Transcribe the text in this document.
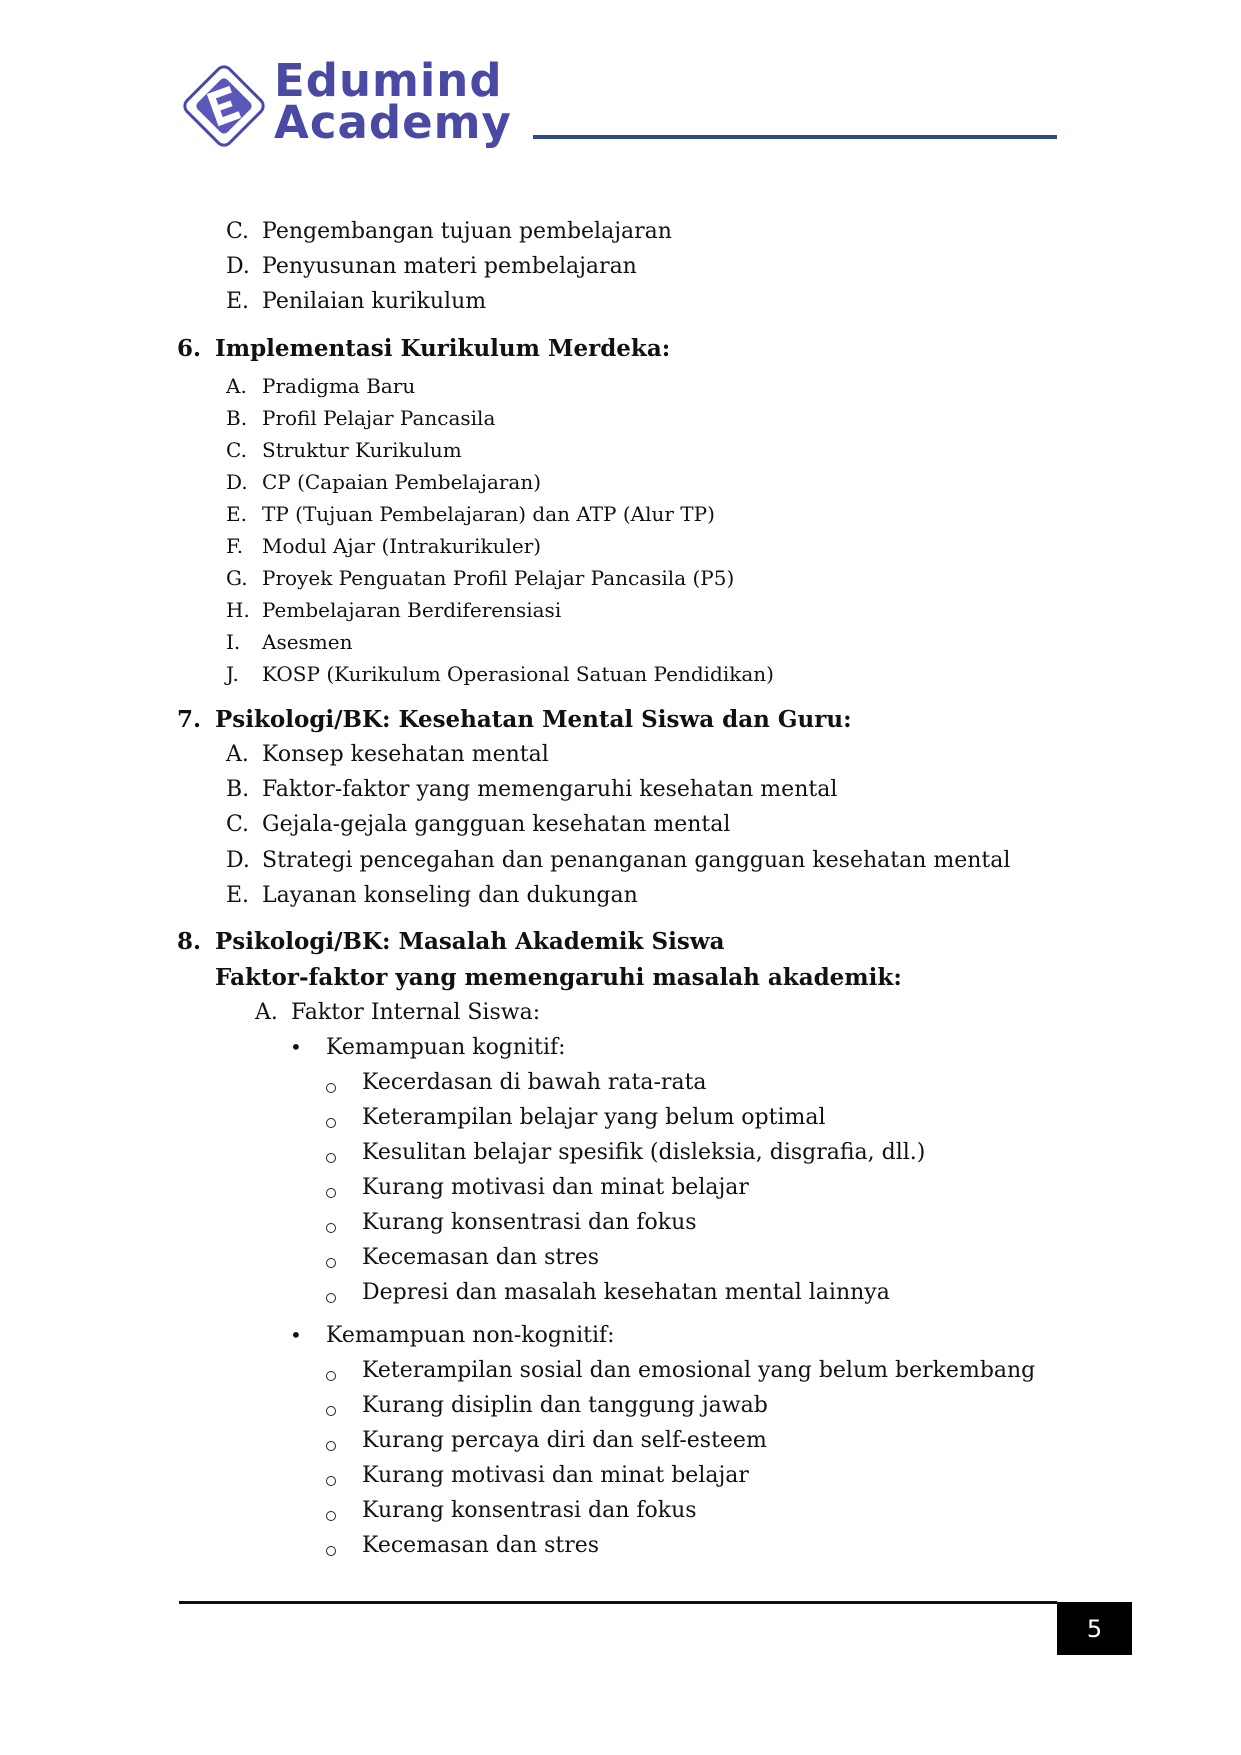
Edumind
Academy
C. Pengembangan tujuan pembelajaran
D. Penyusunan materi pembelajaran
E. Penilaian kurikulum
6. Implementasi Kurikulum Merdeka:
A. Pradigma Baru
B. Profil Pelajar Pancasila
C. Struktur Kurikulum
D. CP (Capaian Pembelajaran)
E. TP (Tujuan Pembelajaran) dan ATP (Alur TP)
F. Modul Ajar (Intrakurikuler)
G. Proyek Penguatan Profil Pelajar Pancasila (P5)
H. Pembelajaran Berdiferensiasi
I. Asesmen
J. KOSP (Kurikulum Operasional Satuan Pendidikan)
7. Psikologi/BK: Kesehatan Mental Siswa dan Guru:
A. Konsep kesehatan mental
B. Faktor-faktor yang memengaruhi kesehatan mental
C. Gejala-gejala gangguan kesehatan mental
D. Strategi pencegahan dan penanganan gangguan kesehatan mental
E. Layanan konseling dan dukungan
8. Psikologi/BK: Masalah Akademik Siswa
Faktor-faktor yang memengaruhi masalah akademik:
A. Faktor Internal Siswa:
• Kemampuan kognitif:
Kecerdasan di bawah rata-rata
Keterampilan belajar yang belum optimal
Kesulitan belajar spesifik (disleksia, disgrafia, dll.)
Kurang motivasi dan minat belajar
Kurang konsentrasi dan fokus
Kecemasan dan stres
Depresi dan masalah kesehatan mental lainnya
• Kemampuan non-kognitif:
Keterampilan sosial dan emosional yang belum berkembang
Kurang disiplin dan tanggung jawab
Kurang percaya diri dan self-esteem
Kurang motivasi dan minat belajar
Kurang konsentrasi dan fokus
Kecemasan dan stres
5
